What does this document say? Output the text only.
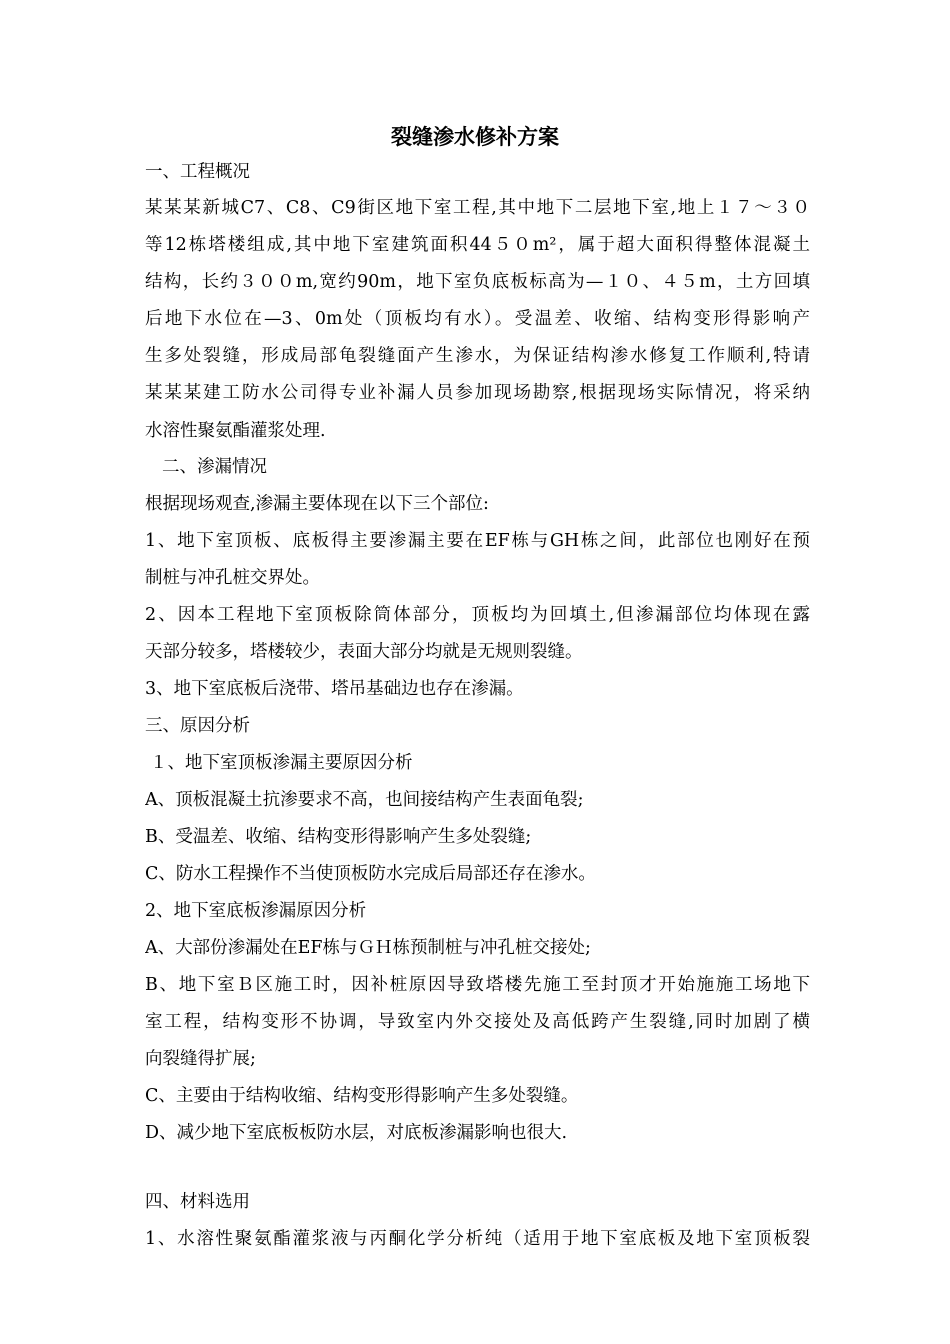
裂缝渗水修补方案
一、工程概况
某某某新城C7、C8、C9街区地下室工程,其中地下二层地下室,地上１７～３０
等12栋塔楼组成,其中地下室建筑面积44５０m²，属于超大面积得整体混凝土
结构，长约３００m,宽约90m，地下室负底板标高为—１０、４５m，土方回填
后地下水位在—3、0m处（顶板均有水）。受温差、收缩、结构变形得影响产
生多处裂缝，形成局部龟裂缝面产生渗水，为保证结构渗水修复工作顺利,特请
某某某建工防水公司得专业补漏人员参加现场勘察,根据现场实际情况，将采纳
水溶性聚氨酯灌浆处理.
二、渗漏情况
根据现场观查,渗漏主要体现在以下三个部位:
1、地下室顶板、底板得主要渗漏主要在EF栋与GH栋之间，此部位也刚好在预
制桩与冲孔桩交界处。
2、因本工程地下室顶板除筒体部分，顶板均为回填土,但渗漏部位均体现在露
天部分较多，塔楼较少，表面大部分均就是无规则裂缝。
3、地下室底板后浇带、塔吊基础边也存在渗漏。
三、原因分析
１、地下室顶板渗漏主要原因分析
A、顶板混凝土抗渗要求不高，也间接结构产生表面龟裂;
B、受温差、收缩、结构变形得影响产生多处裂缝;
C、防水工程操作不当使顶板防水完成后局部还存在渗水。
2、地下室底板渗漏原因分析
A、大部份渗漏处在EF栋与ＧＨ栋预制桩与冲孔桩交接处;
B、地下室Ｂ区施工时，因补桩原因导致塔楼先施工至封顶才开始施施工场地下
室工程，结构变形不协调，导致室内外交接处及高低跨产生裂缝,同时加剧了横
向裂缝得扩展;
C、主要由于结构收缩、结构变形得影响产生多处裂缝。
D、减少地下室底板板防水层，对底板渗漏影响也很大.
四、材料选用
1、水溶性聚氨酯灌浆液与丙酮化学分析纯（适用于地下室底板及地下室顶板裂
